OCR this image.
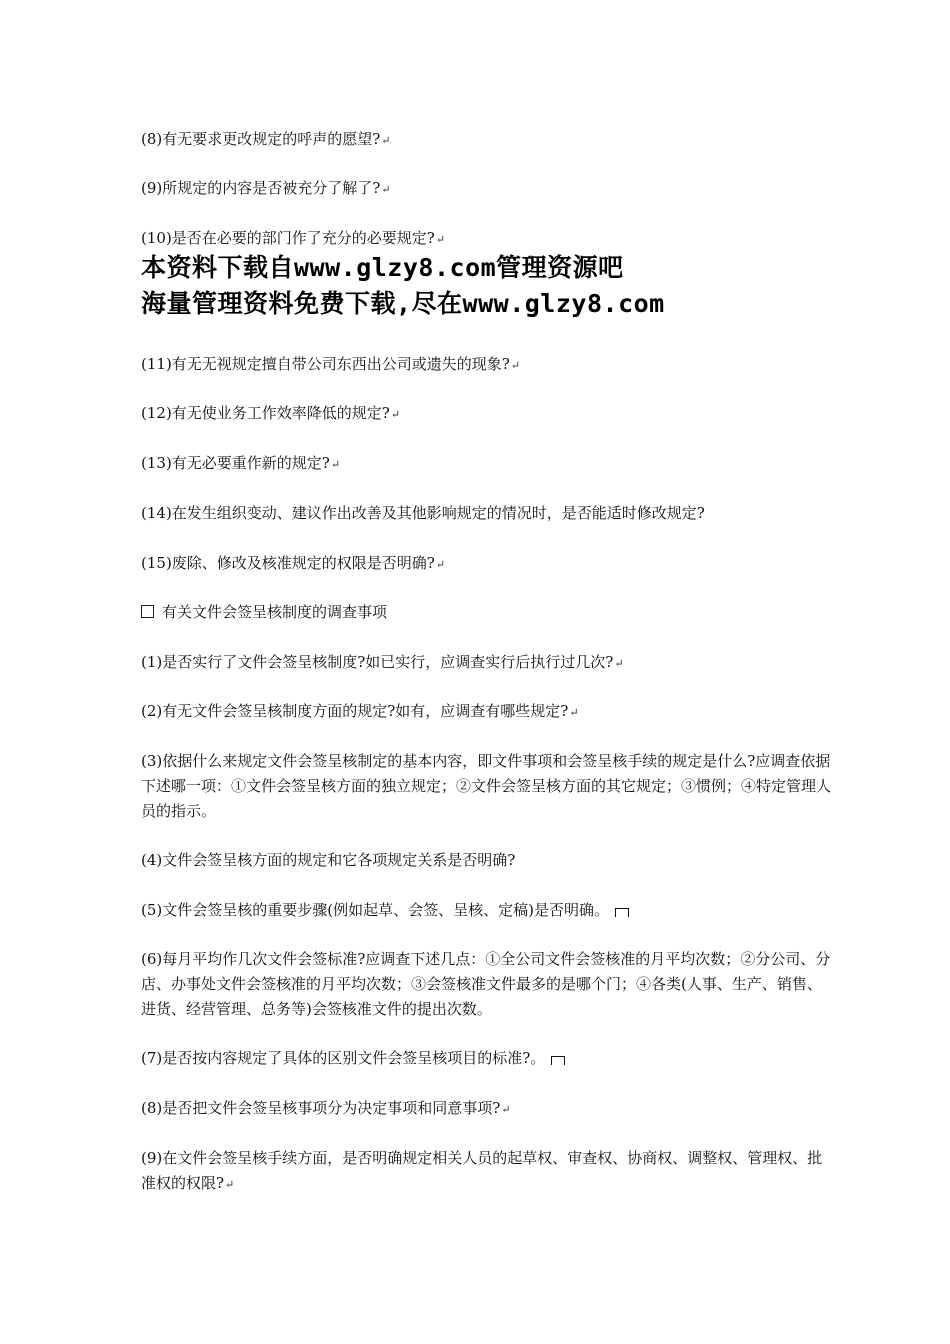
(8)有无要求更改规定的呼声的愿望?↵
(9)所规定的内容是否被充分了解了?↵
(10)是否在必要的部门作了充分的必要规定?↵
本资料下载自www.glzy8.com管理资源吧
海量管理资料免费下载,尽在www.glzy8.com
(11)有无无视规定擅自带公司东西出公司或遗失的现象?↵
(12)有无使业务工作效率降低的规定?↵
(13)有无必要重作新的规定?↵
(14)在发生组织变动、建议作出改善及其他影响规定的情况时，是否能适时修改规定?
(15)废除、修改及核准规定的权限是否明确?↵
有关文件会签呈核制度的调查事项
(1)是否实行了文件会签呈核制度?如已实行，应调查实行后执行过几次?↵
(2)有无文件会签呈核制度方面的规定?如有，应调查有哪些规定?↵
(3)依据什么来规定文件会签呈核制定的基本内容，即文件事项和会签呈核手续的规定是什么?应调查依据下述哪一项：①文件会签呈核方面的独立规定；②文件会签呈核方面的其它规定；③惯例；④特定管理人员的指示。
(4)文件会签呈核方面的规定和它各项规定关系是否明确?
(5)文件会签呈核的重要步骤(例如起草、会签、呈核、定稿)是否明确。
(6)每月平均作几次文件会签标准?应调查下述几点：①全公司文件会签核准的月平均次数；②分公司、分店、办事处文件会签核准的月平均次数；③会签核准文件最多的是哪个门；④各类(人事、生产、销售、进货、经营管理、总务等)会签核准文件的提出次数。
(7)是否按内容规定了具体的区别文件会签呈核项目的标准?。
(8)是否把文件会签呈核事项分为决定事项和同意事项?↵
(9)在文件会签呈核手续方面，是否明确规定相关人员的起草权、审查权、协商权、调整权、管理权、批准权的权限?↵
